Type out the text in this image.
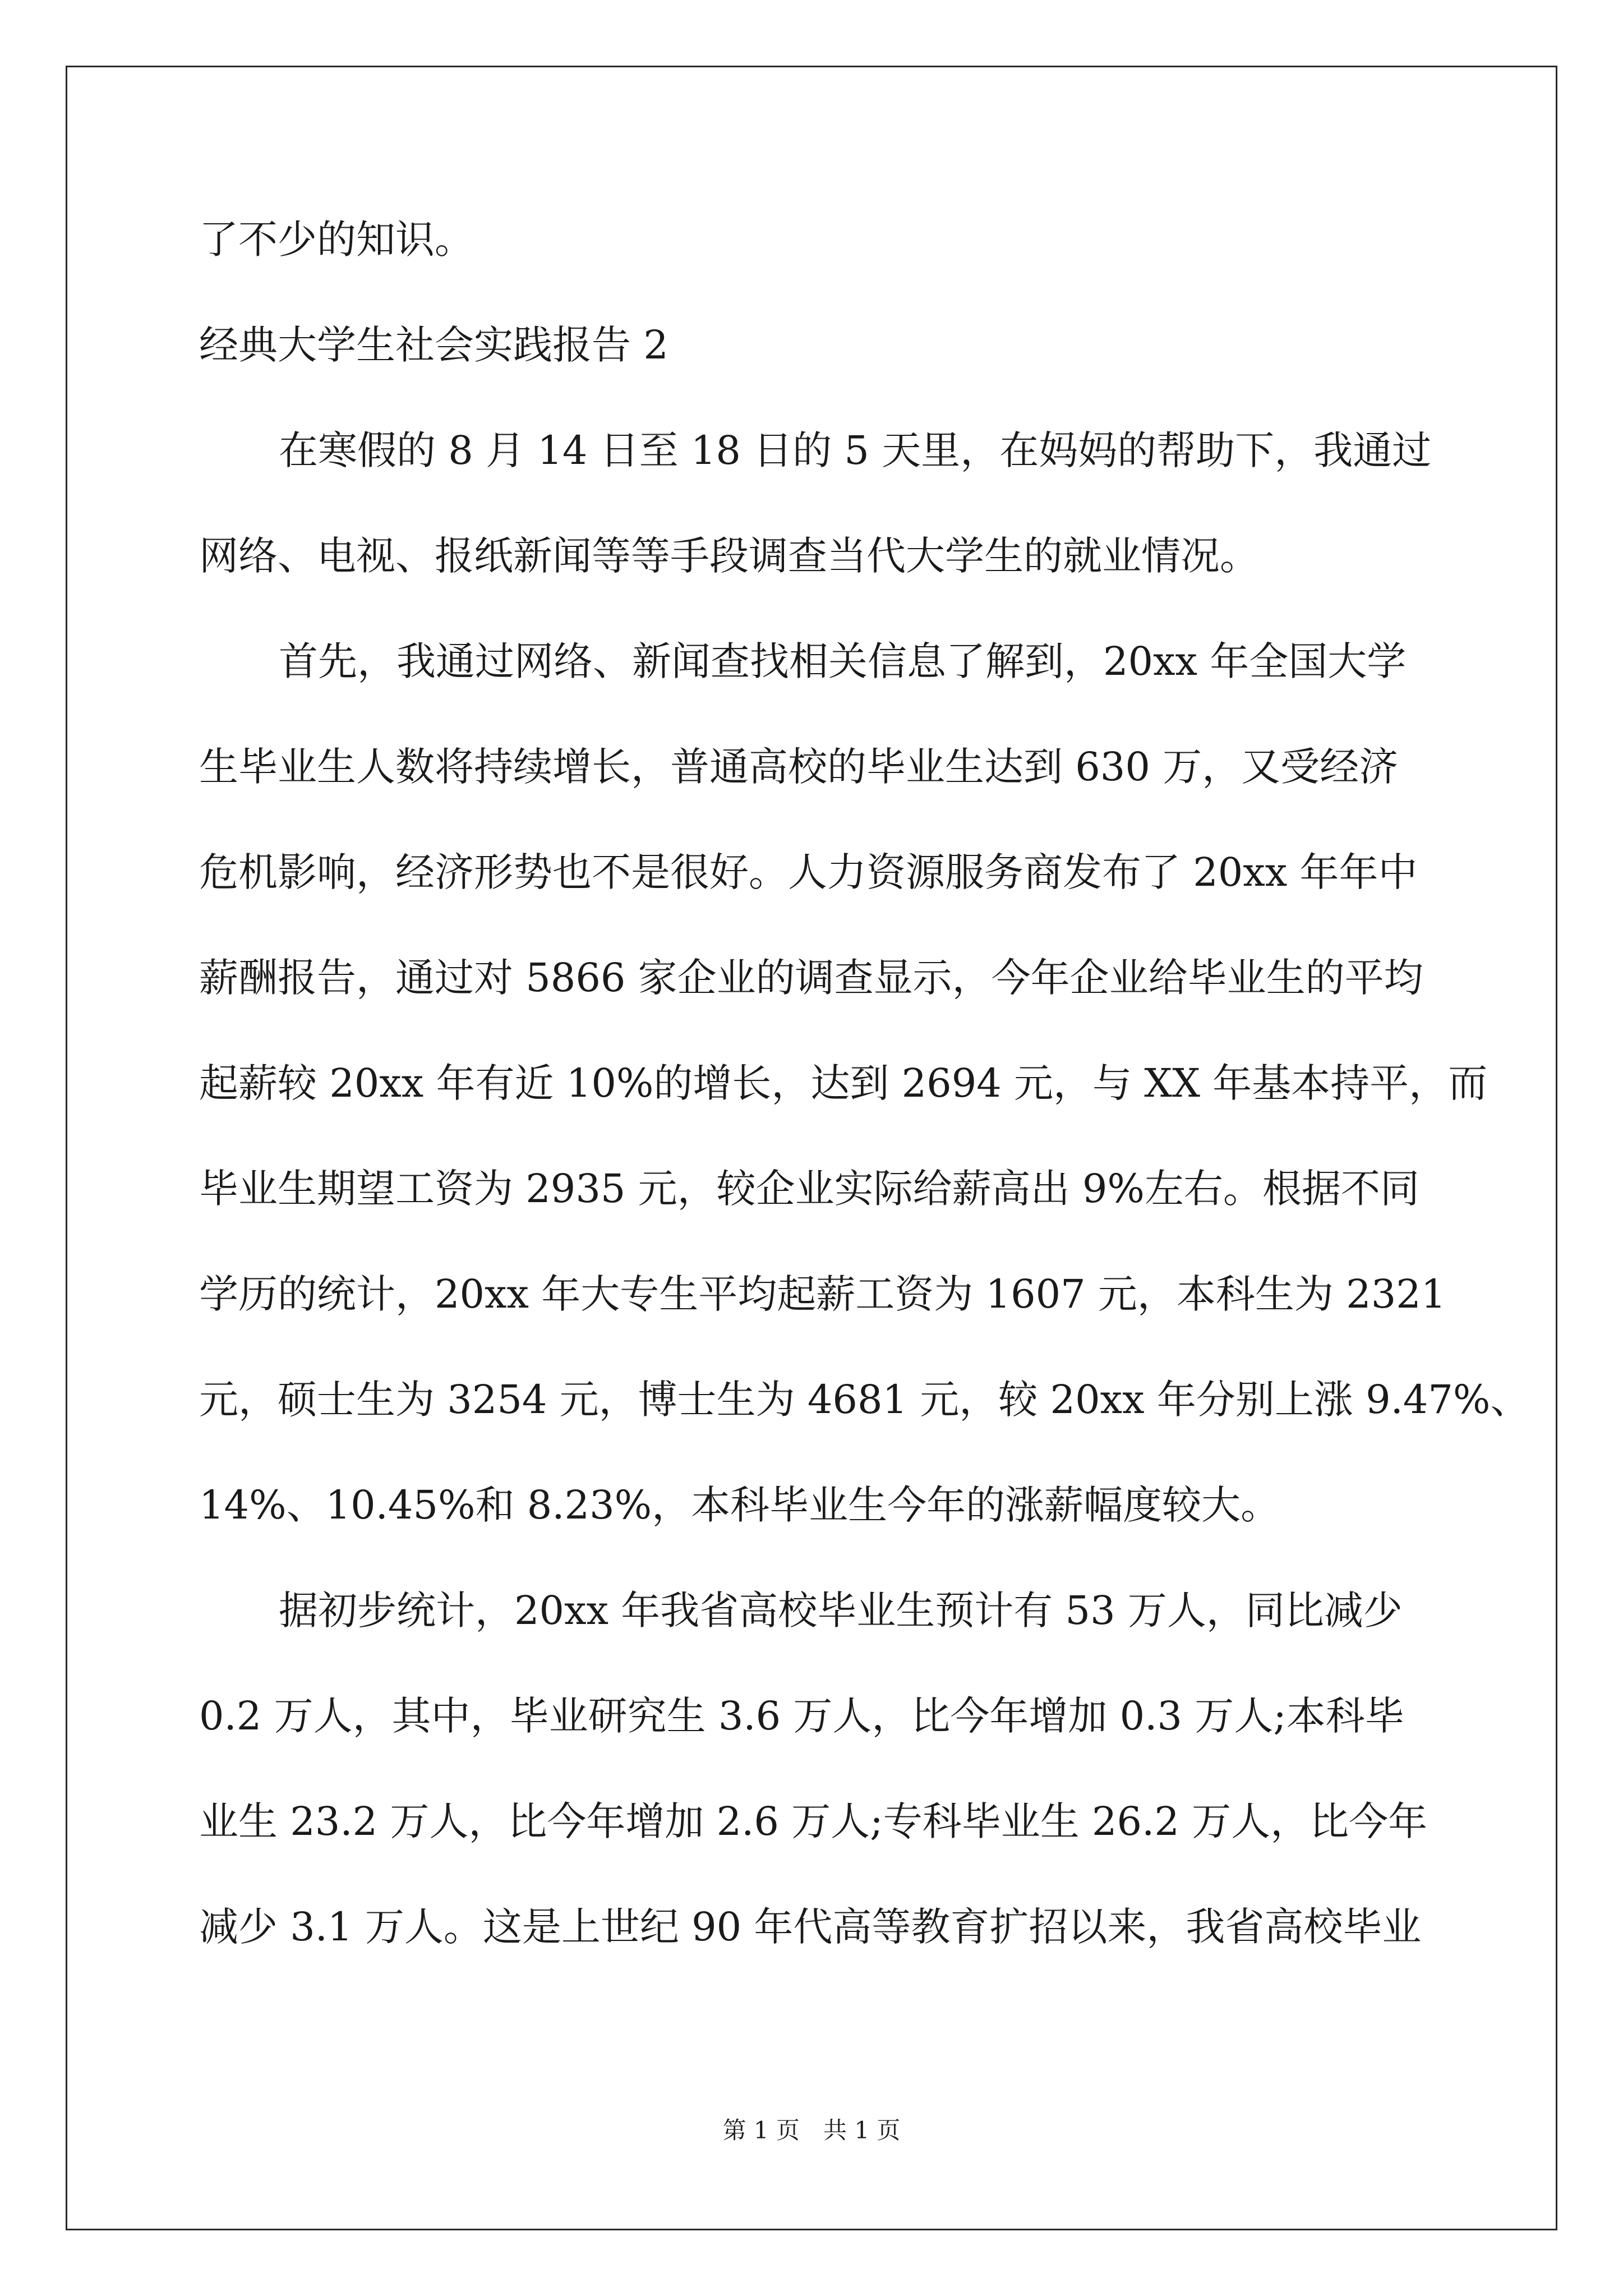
了不少的知识。

经典大学生社会实践报告 2

在寒假的 8 月 14 日至 18 日的 5 天里，在妈妈的帮助下，我通过

网络、电视、报纸新闻等等手段调查当代大学生的就业情况。

首先，我通过网络、新闻查找相关信息了解到，20xx 年全国大学

生毕业生人数将持续增长，普通高校的毕业生达到 630 万，又受经济

危机影响，经济形势也不是很好。人力资源服务商发布了 20xx 年年中

薪酬报告，通过对 5866 家企业的调查显示，今年企业给毕业生的平均

起薪较 20xx 年有近 10%的增长，达到 2694 元，与 XX 年基本持平，而

毕业生期望工资为 2935 元，较企业实际给薪高出 9%左右。根据不同

学历的统计，20xx 年大专生平均起薪工资为 1607 元，本科生为 2321

元，硕士生为 3254 元，博士生为 4681 元，较 20xx 年分别上涨 9.47%、

14%、10.45%和 8.23%，本科毕业生今年的涨薪幅度较大。

据初步统计，20xx 年我省高校毕业生预计有 53 万人，同比减少

0.2 万人，其中，毕业研究生 3.6 万人，比今年增加 0.3 万人;本科毕

业生 23.2 万人，比今年增加 2.6 万人;专科毕业生 26.2 万人，比今年

减少 3.1 万人。这是上世纪 90 年代高等教育扩招以来，我省高校毕业

第 1 页　共 1 页
